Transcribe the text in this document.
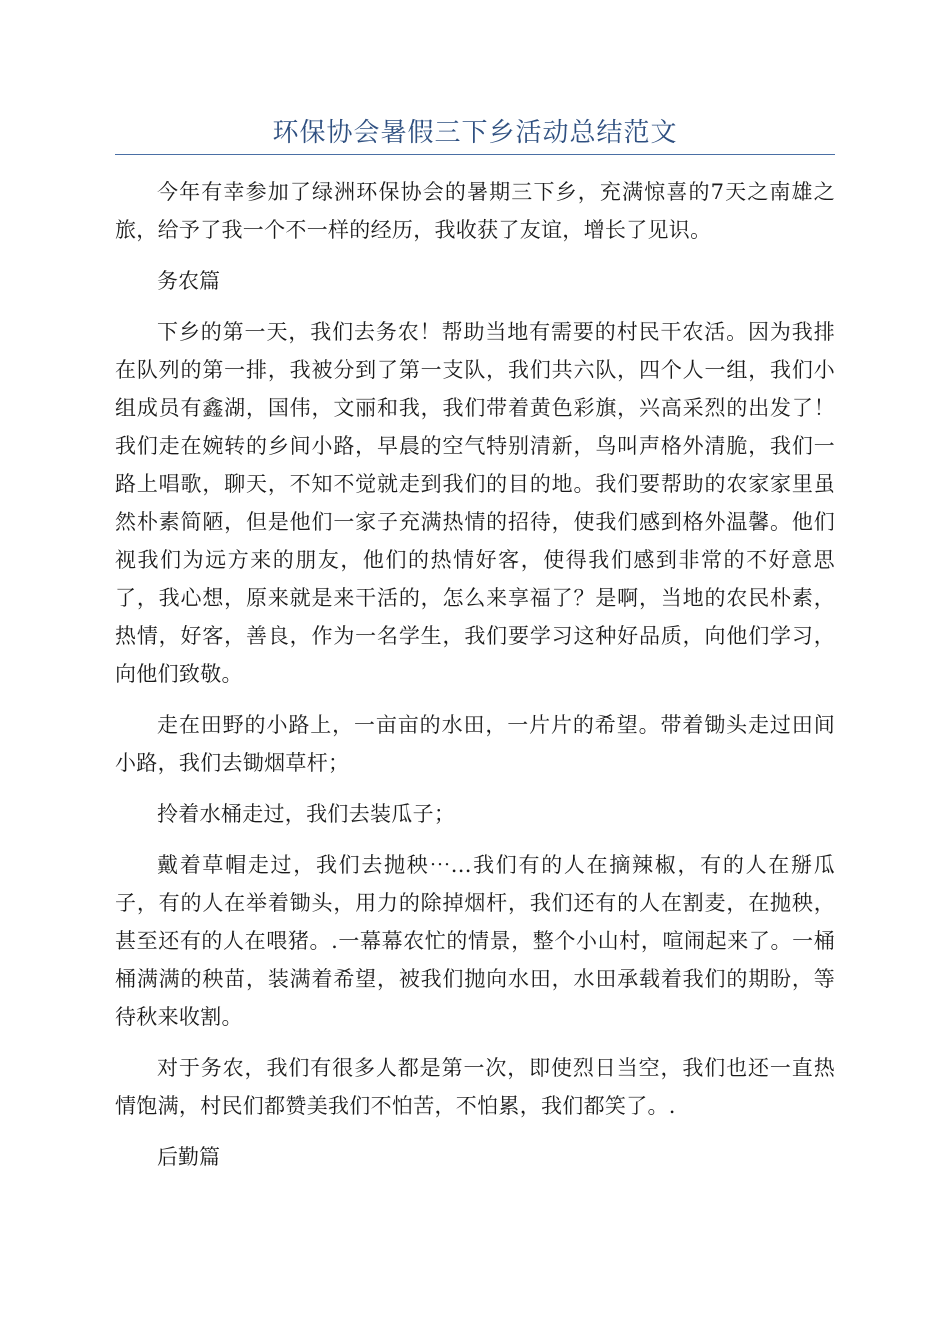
环保协会暑假三下乡活动总结范文

今年有幸参加了绿洲环保协会的暑期三下乡，充满惊喜的7天之南雄之旅，给予了我一个不一样的经历，我收获了友谊，增长了见识。

务农篇

下乡的第一天，我们去务农！帮助当地有需要的村民干农活。因为我排在队列的第一排，我被分到了第一支队，我们共六队，四个人一组，我们小组成员有鑫湖，国伟，文丽和我，我们带着黄色彩旗，兴高采烈的出发了！我们走在婉转的乡间小路，早晨的空气特别清新，鸟叫声格外清脆，我们一路上唱歌，聊天，不知不觉就走到我们的目的地。我们要帮助的农家家里虽然朴素简陋，但是他们一家子充满热情的招待，使我们感到格外温馨。他们视我们为远方来的朋友，他们的热情好客，使得我们感到非常的不好意思了，我心想，原来就是来干活的，怎么来享福了？是啊，当地的农民朴素，热情，好客，善良，作为一名学生，我们要学习这种好品质，向他们学习，向他们致敬。

走在田野的小路上，一亩亩的水田，一片片的希望。带着锄头走过田间小路，我们去锄烟草杆；

拎着水桶走过，我们去装瓜子；

戴着草帽走过，我们去抛秧⋯...我们有的人在摘辣椒，有的人在掰瓜子，有的人在举着锄头，用力的除掉烟杆，我们还有的人在割麦，在抛秧，甚至还有的人在喂猪。.一幕幕农忙的情景，整个小山村，喧闹起来了。一桶桶满满的秧苗，装满着希望，被我们抛向水田，水田承载着我们的期盼，等待秋来收割。

对于务农，我们有很多人都是第一次，即使烈日当空，我们也还一直热情饱满，村民们都赞美我们不怕苦，不怕累，我们都笑了。.

后勤篇
